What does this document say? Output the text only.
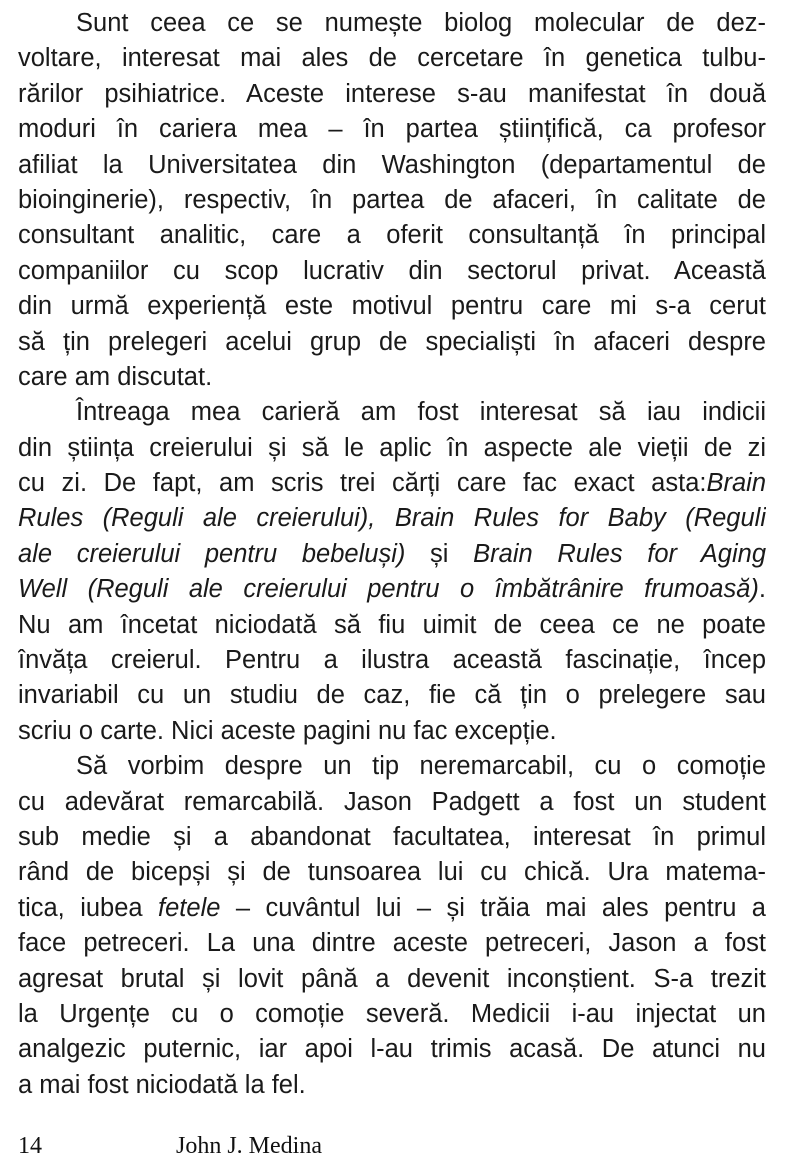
Sunt ceea ce se numește biolog molecular de dez-
voltare, interesat mai ales de cercetare în genetica tulbu-
rărilor psihiatrice. Aceste interese s-au manifestat în două
moduri în cariera mea – în partea științifică, ca profesor
afiliat la Universitatea din Washington (departamentul de
bioinginerie), respectiv, în partea de afaceri, în calitate de
consultant analitic, care a oferit consultanță în principal
companiilor cu scop lucrativ din sectorul privat. Această
din urmă experiență este motivul pentru care mi s-a cerut
să țin prelegeri acelui grup de specialiști în afaceri despre
care am discutat.
Întreaga mea carieră am fost interesat să iau indicii
din știința creierului și să le aplic în aspecte ale vieții de zi
cu zi. De fapt, am scris trei cărți care fac exact asta:Brain
Rules (Reguli ale creierului), Brain Rules for Baby (Reguli
ale creierului pentru bebeluși) și Brain Rules for Aging
Well (Reguli ale creierului pentru o îmbătrânire frumoasă).
Nu am încetat niciodată să fiu uimit de ceea ce ne poate
învăța creierul. Pentru a ilustra această fascinație, încep
invariabil cu un studiu de caz, fie că țin o prelegere sau
scriu o carte. Nici aceste pagini nu fac excepție.
Să vorbim despre un tip neremarcabil, cu o comoție
cu adevărat remarcabilă. Jason Padgett a fost un student
sub medie și a abandonat facultatea, interesat în primul
rând de bicepși și de tunsoarea lui cu chică. Ura matema-
tica, iubea fetele – cuvântul lui – și trăia mai ales pentru a
face petreceri. La una dintre aceste petreceri, Jason a fost
agresat brutal și lovit până a devenit inconștient. S-a trezit
la Urgențe cu o comoție severă. Medicii i-au injectat un
analgezic puternic, iar apoi l-au trimis acasă. De atunci nu
a mai fost niciodată la fel.
14	John J. Medina
